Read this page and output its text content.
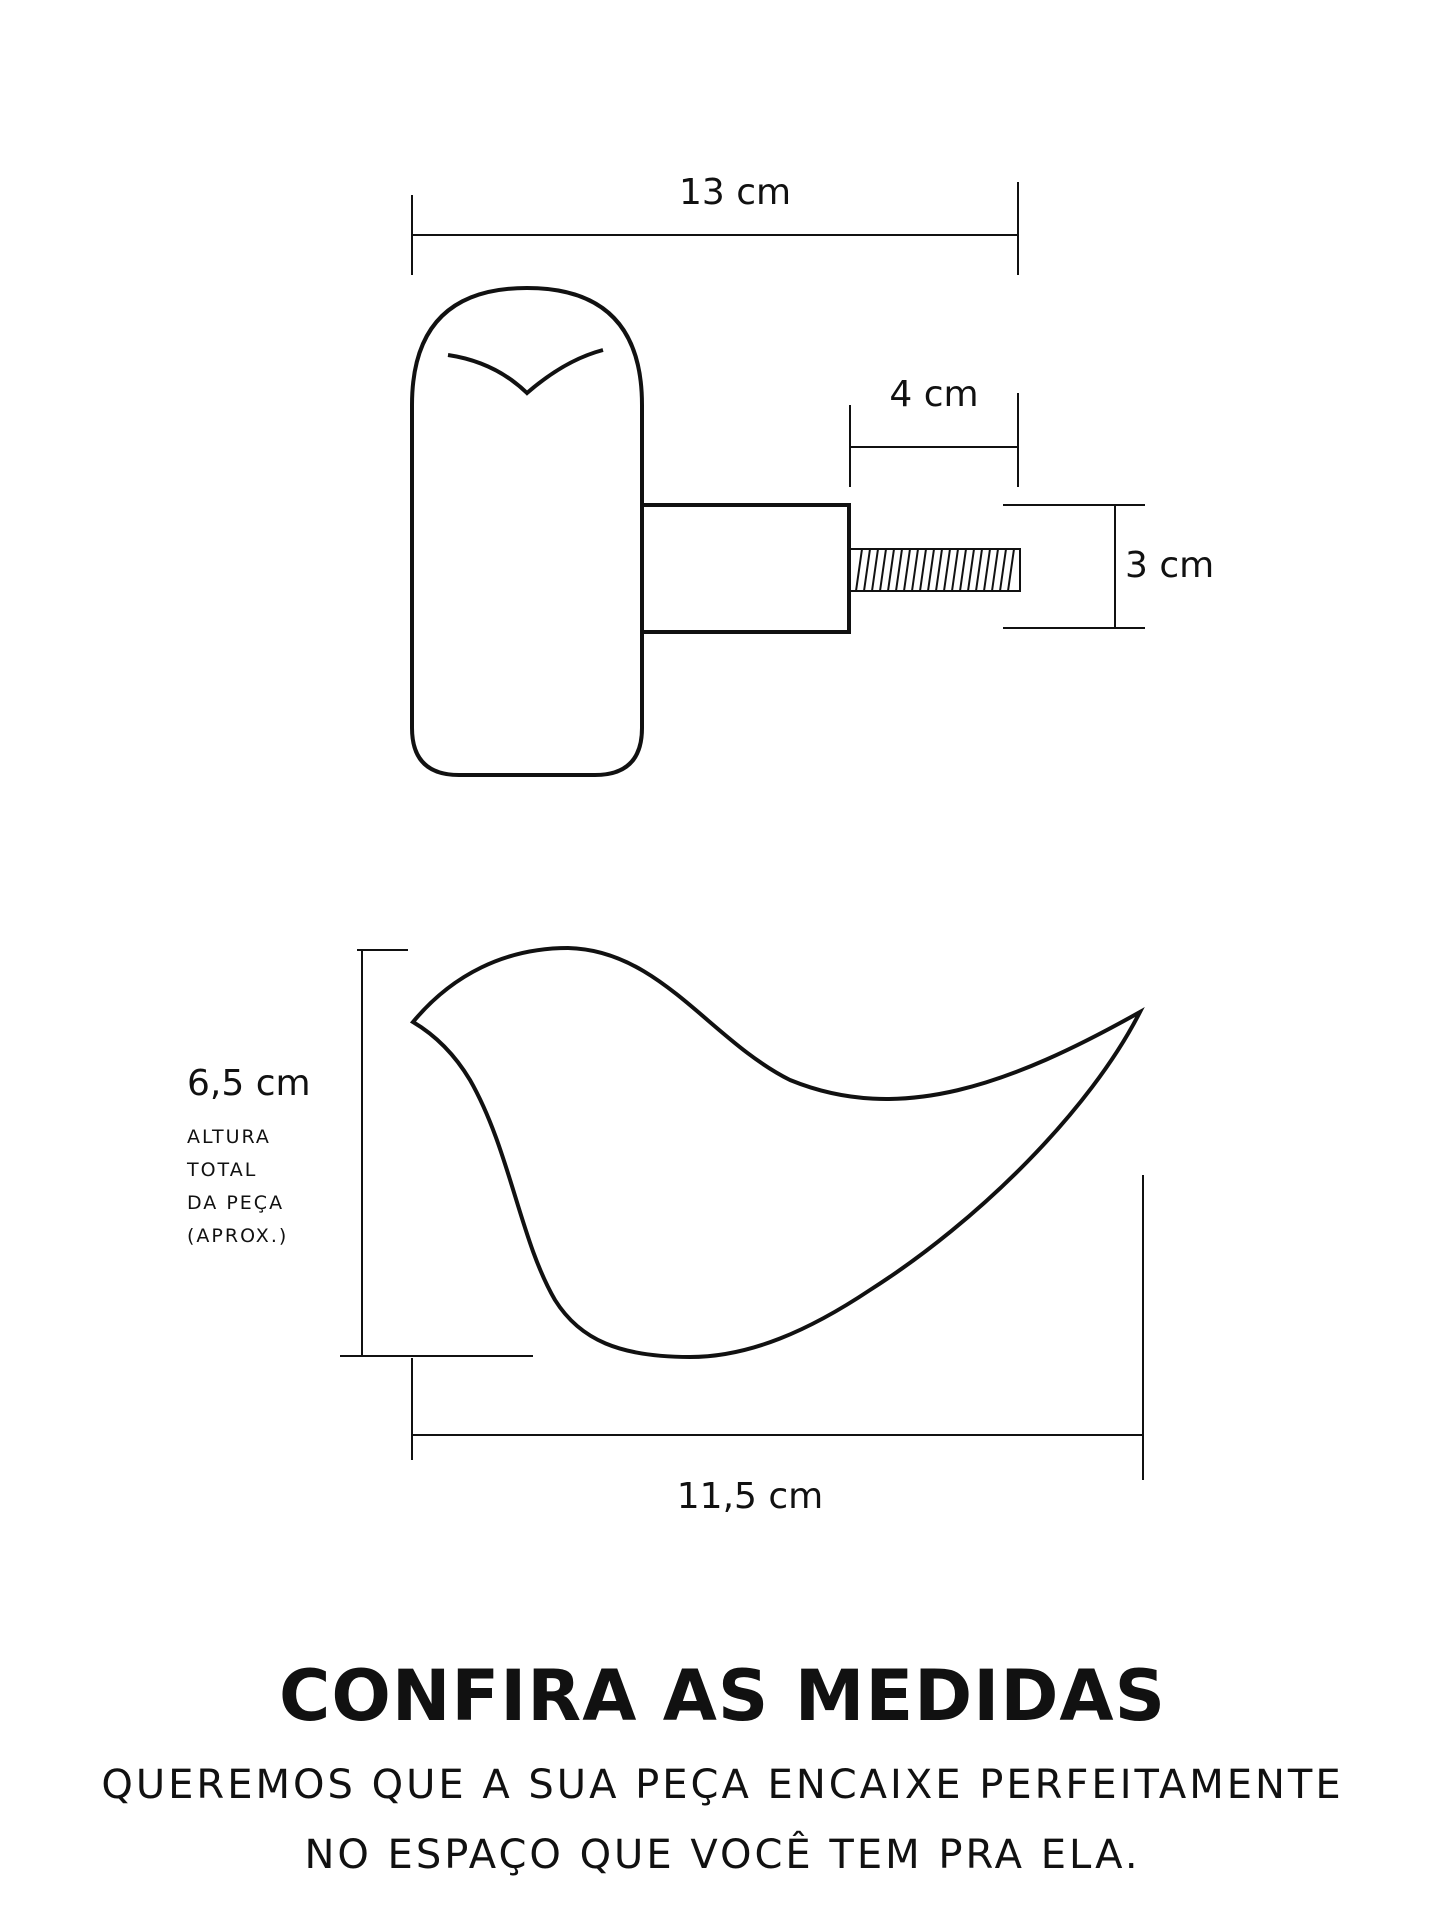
13 cm
4 cm
3 cm
6,5 cm
ALTURA
TOTAL
DA PEÇA
(APROX.)
11,5 cm
CONFIRA AS MEDIDAS
QUEREMOS QUE A SUA PEÇA ENCAIXE PERFEITAMENTE
NO ESPAÇO QUE VOCÊ TEM PRA ELA.
